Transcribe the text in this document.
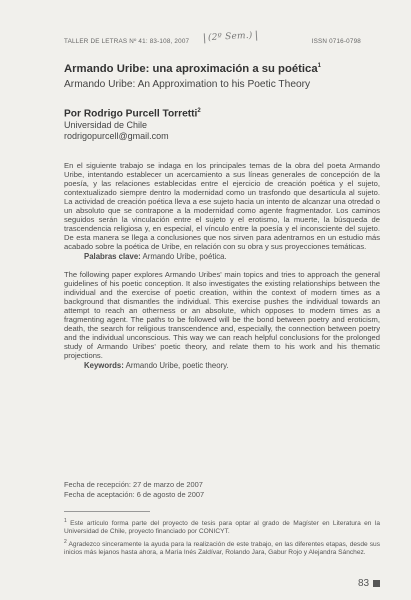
TALLER DE LETRAS Nº 41: 83-108, 2007	(2º Sem.)	ISSN 0716-0798
Armando Uribe: una aproximación a su poética$^1$
Armando Uribe: An Approximation to his Poetic Theory
Por Rodrigo Purcell Torretti$^2$
Universidad de Chile
rodrigopurcell@gmail.com
En el siguiente trabajo se indaga en los principales temas de la obra del poeta Armando Uribe, intentando establecer un acercamiento a sus líneas generales de concepción de la poesía, y las relaciones establecidas entre el ejercicio de creación poética y el sujeto, contextualizado siempre dentro la modernidad como un trasfondo que desarticula al sujeto. La actividad de creación poética lleva a ese sujeto hacia un intento de alcanzar una otredad o un absoluto que se contrapone a la modernidad como agente fragmentador. Los caminos seguidos serán la vinculación entre el sujeto y el erotismo, la muerte, la búsqueda de trascendencia religiosa y, en especial, el vínculo entre la poesía y el inconsciente del sujeto. De esta manera se llega a conclusiones que nos sirven para adentrarnos en un estudio más acabado sobre la poética de Uribe, en relación con su obra y sus proyecciones temáticas.
Palabras clave: Armando Uribe, poética.
The following paper explores Armando Uribes' main topics and tries to approach the general guidelines of his poetic conception. It also investigates the existing relationships between the individual and the exercise of poetic creation, within the context of modern times as a background that dismantles the individual. This exercise pushes the individual towards an attempt to reach an otherness or an absolute, which opposes to modern times as a fragmenting agent. The paths to be followed will be the bond between poetry and eroticism, death, the search for religious transcendence and, especially, the connection between poetry and the individual unconscious. This way we can reach helpful conclusions for the prolonged study of Armando Uribes' poetic theory, and relate them to his work and his thematic projections.
Keywords: Armando Uribe, poetic theory.
Fecha de recepción: 27 de marzo de 2007
Fecha de aceptación: 6 de agosto de 2007

$^1$ Este artículo forma parte del proyecto de tesis para optar al grado de Magíster en Literatura en la Universidad de Chile, proyecto financiado por CONICYT.

$^2$ Agradezco sinceramente la ayuda para la realización de este trabajo, en las diferentes etapas, desde sus inicios más lejanos hasta ahora, a María Inés Zaldívar, Rolando Jara, Gabur Rojo y Alejandra Sánchez.

83
